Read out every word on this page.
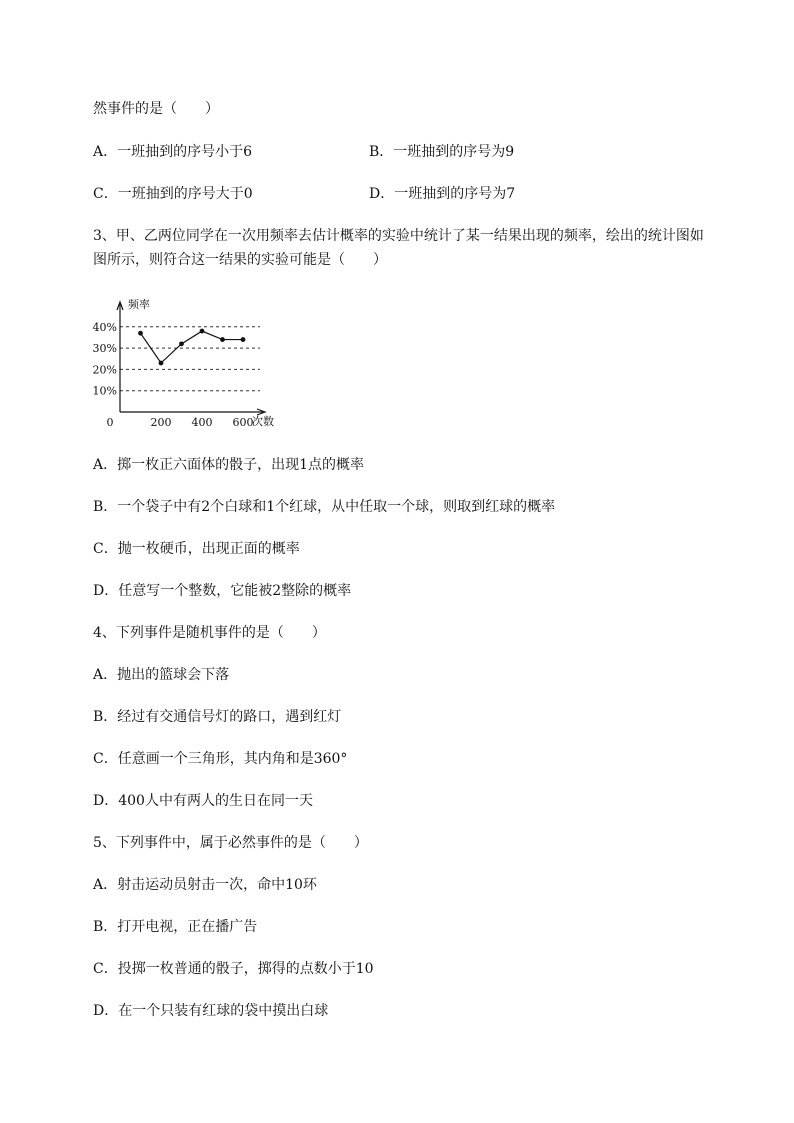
然事件的是（　　）
A．一班抽到的序号小于6	B．一班抽到的序号为9
C．一班抽到的序号大于0	D．一班抽到的序号为7
3、甲、乙两位同学在一次用频率去估计概率的实验中统计了某一结果出现的频率，绘出的统计图如
图所示，则符合这一结果的实验可能是（　　）
频率
次数
10%
20%
30%
40%
0	200 400 600
A．掷一枚正六面体的骰子，出现1点的概率
B．一个袋子中有2个白球和1个红球，从中任取一个球，则取到红球的概率
C．抛一枚硬币，出现正面的概率
D．任意写一个整数，它能被2整除的概率
4、下列事件是随机事件的是（　　）
A．抛出的篮球会下落
B．经过有交通信号灯的路口，遇到红灯
C．任意画一个三角形，其内角和是360°
D．400人中有两人的生日在同一天
5、下列事件中，属于必然事件的是（　　）
A．射击运动员射击一次，命中10环
B．打开电视，正在播广告
C．投掷一枚普通的骰子，掷得的点数小于10
D．在一个只装有红球的袋中摸出白球
